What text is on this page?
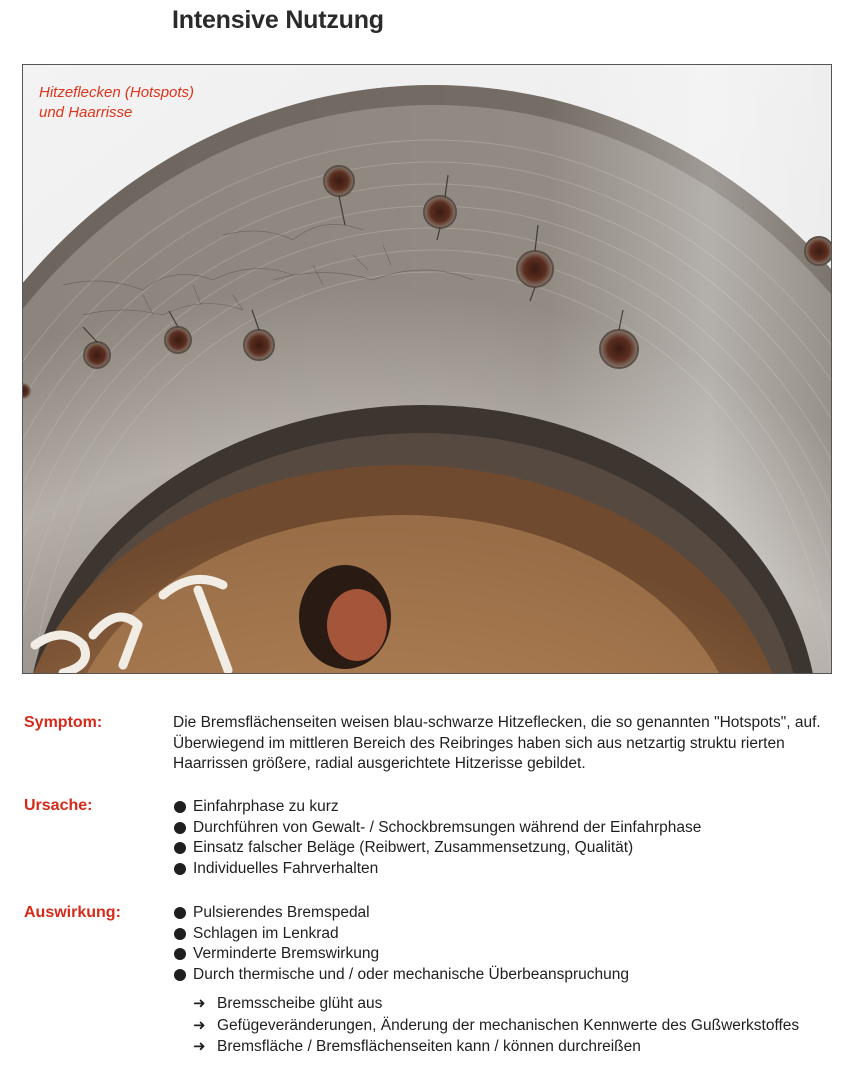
Intensive Nutzung
Hitzeflecken (Hotspots)
und Haarrisse
Symptom:	Die Bremsflächenseiten weisen blau-schwarze Hitzeflecken, die so genannten "Hotspots", auf. Überwiegend im mittleren Bereich des Reibringes haben sich aus netzartig struktu rierten Haarrissen größere, radial ausgerichtete Hitzerisse gebildet.
Ursache:	Einfahrphase zu kurz
Durchführen von Gewalt- / Schockbremsungen während der Einfahrphase
Einsatz falscher Beläge (Reibwert, Zusammensetzung, Qualität)
Individuelles Fahrverhalten
Auswirkung:	Pulsierendes Bremspedal
Schlagen im Lenkrad
Verminderte Bremswirkung
Durch thermische und / oder mechanische Überbeanspruchung
➜ Bremsscheibe glüht aus
➜ Gefügeveränderungen, Änderung der mechanischen Kennwerte des Gußwerkstoffes
➜ Bremsfläche / Bremsflächenseiten kann / können durchreißen
